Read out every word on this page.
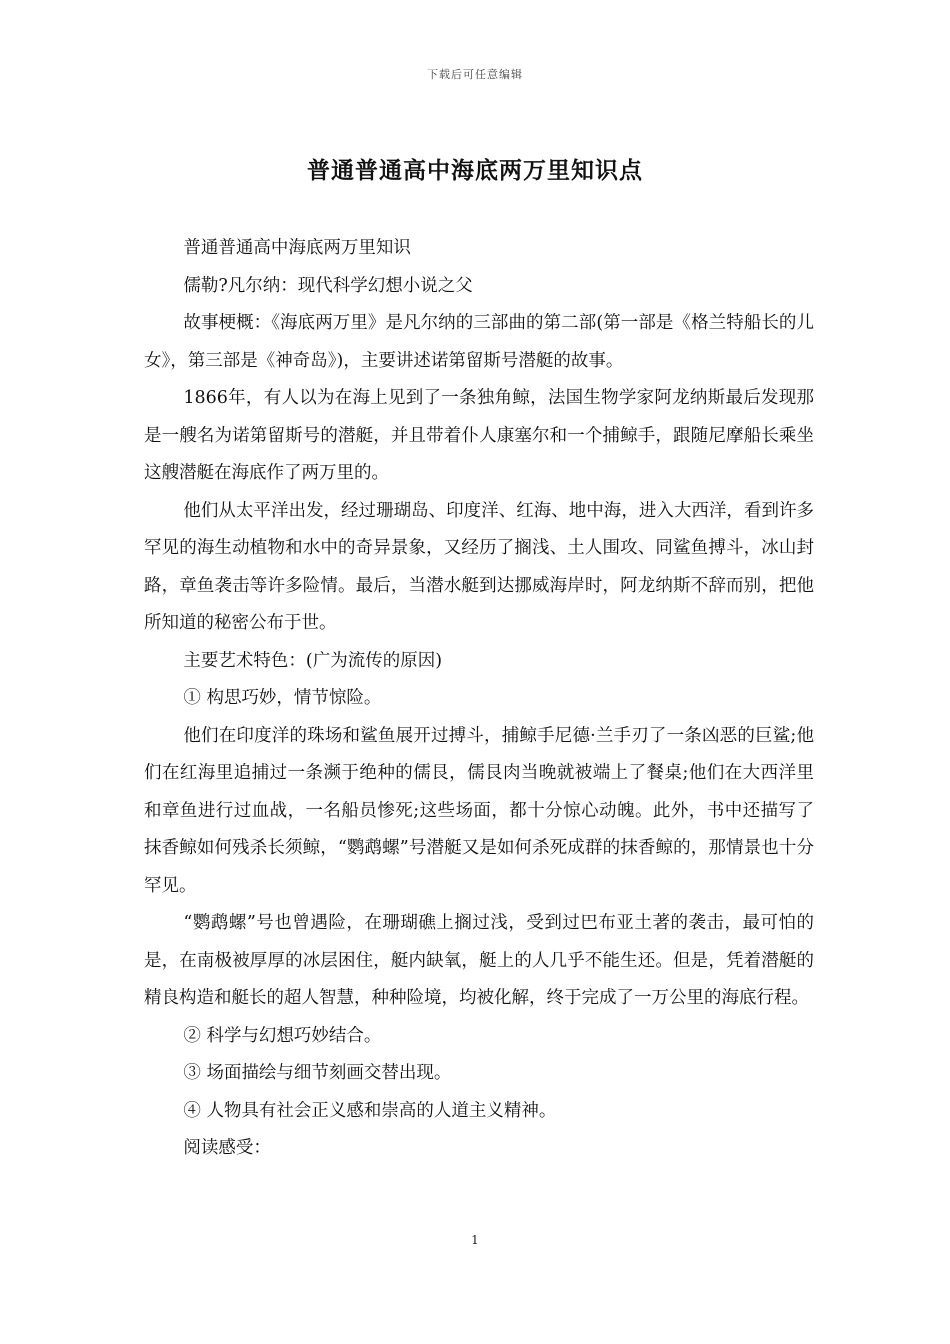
下载后可任意编辑
普通普通高中海底两万里知识点

普通普通高中海底两万里知识

儒勒?凡尔纳：现代科学幻想小说之父

故事梗概：《海底两万里》是凡尔纳的三部曲的第二部(第一部是《格兰特船长的儿女》，第三部是《神奇岛》)，主要讲述诺第留斯号潜艇的故事。

1866年，有人以为在海上见到了一条独角鲸，法国生物学家阿龙纳斯最后发现那是一艘名为诺第留斯号的潜艇，并且带着仆人康塞尔和一个捕鲸手，跟随尼摩船长乘坐这艘潜艇在海底作了两万里的。

他们从太平洋出发，经过珊瑚岛、印度洋、红海、地中海，进入大西洋，看到许多罕见的海生动植物和水中的奇异景象，又经历了搁浅、土人围攻、同鲨鱼搏斗，冰山封路，章鱼袭击等许多险情。最后，当潜水艇到达挪威海岸时，阿龙纳斯不辞而别，把他所知道的秘密公布于世。

主要艺术特色：(广为流传的原因)

① 构思巧妙，情节惊险。

他们在印度洋的珠场和鲨鱼展开过搏斗，捕鲸手尼德·兰手刃了一条凶恶的巨鲨;他们在红海里追捕过一条濒于绝种的儒艮，儒艮肉当晚就被端上了餐桌;他们在大西洋里和章鱼进行过血战，一名船员惨死;这些场面，都十分惊心动魄。此外，书中还描写了抹香鲸如何残杀长须鲸，“鹦鹉螺”号潜艇又是如何杀死成群的抹香鲸的，那情景也十分罕见。

“鹦鹉螺”号也曾遇险，在珊瑚礁上搁过浅，受到过巴布亚土著的袭击，最可怕的是，在南极被厚厚的冰层困住，艇内缺氧，艇上的人几乎不能生还。但是，凭着潜艇的精良构造和艇长的超人智慧，种种险境，均被化解，终于完成了一万公里的海底行程。

② 科学与幻想巧妙结合。

③ 场面描绘与细节刻画交替出现。

④ 人物具有社会正义感和崇高的人道主义精神。

阅读感受：

1
